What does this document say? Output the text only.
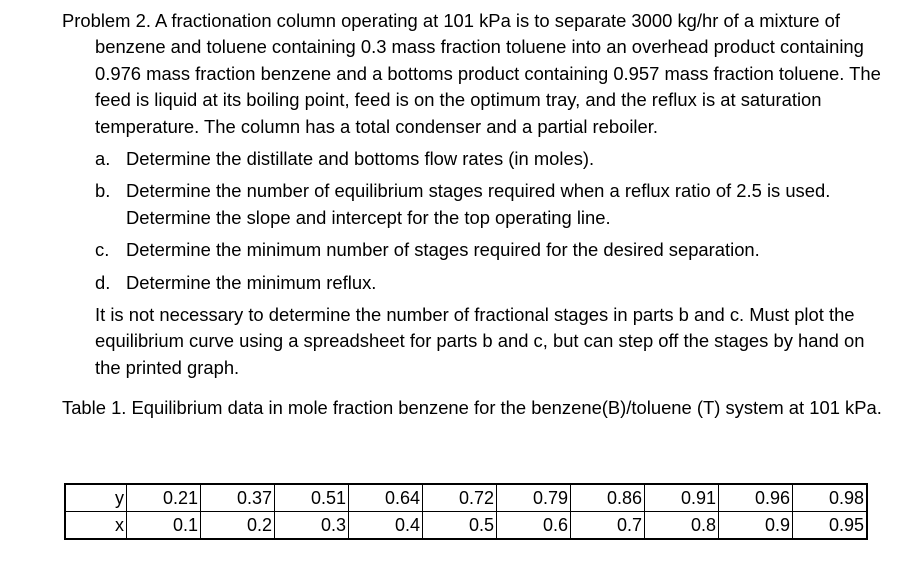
Problem 2. A fractionation column operating at 101 kPa is to separate 3000 kg/hr of a mixture of benzene and toluene containing 0.3 mass fraction toluene into an overhead product containing 0.976 mass fraction benzene and a bottoms product containing 0.957 mass fraction toluene. The feed is liquid at its boiling point, feed is on the optimum tray, and the reflux is at saturation temperature. The column has a total condenser and a partial reboiler.

a. Determine the distillate and bottoms flow rates (in moles).
b. Determine the number of equilibrium stages required when a reflux ratio of 2.5 is used. Determine the slope and intercept for the top operating line.
c. Determine the minimum number of stages required for the desired separation.
d. Determine the minimum reflux.

It is not necessary to determine the number of fractional stages in parts b and c. Must plot the equilibrium curve using a spreadsheet for parts b and c, but can step off the stages by hand on the printed graph.

Table 1. Equilibrium data in mole fraction benzene for the benzene(B)/toluene (T) system at 101 kPa.

y	0.21	0.37	0.51	0.64	0.72	0.79	0.86	0.91	0.96	0.98
x	0.1	0.2	0.3	0.4	0.5	0.6	0.7	0.8	0.9	0.95
